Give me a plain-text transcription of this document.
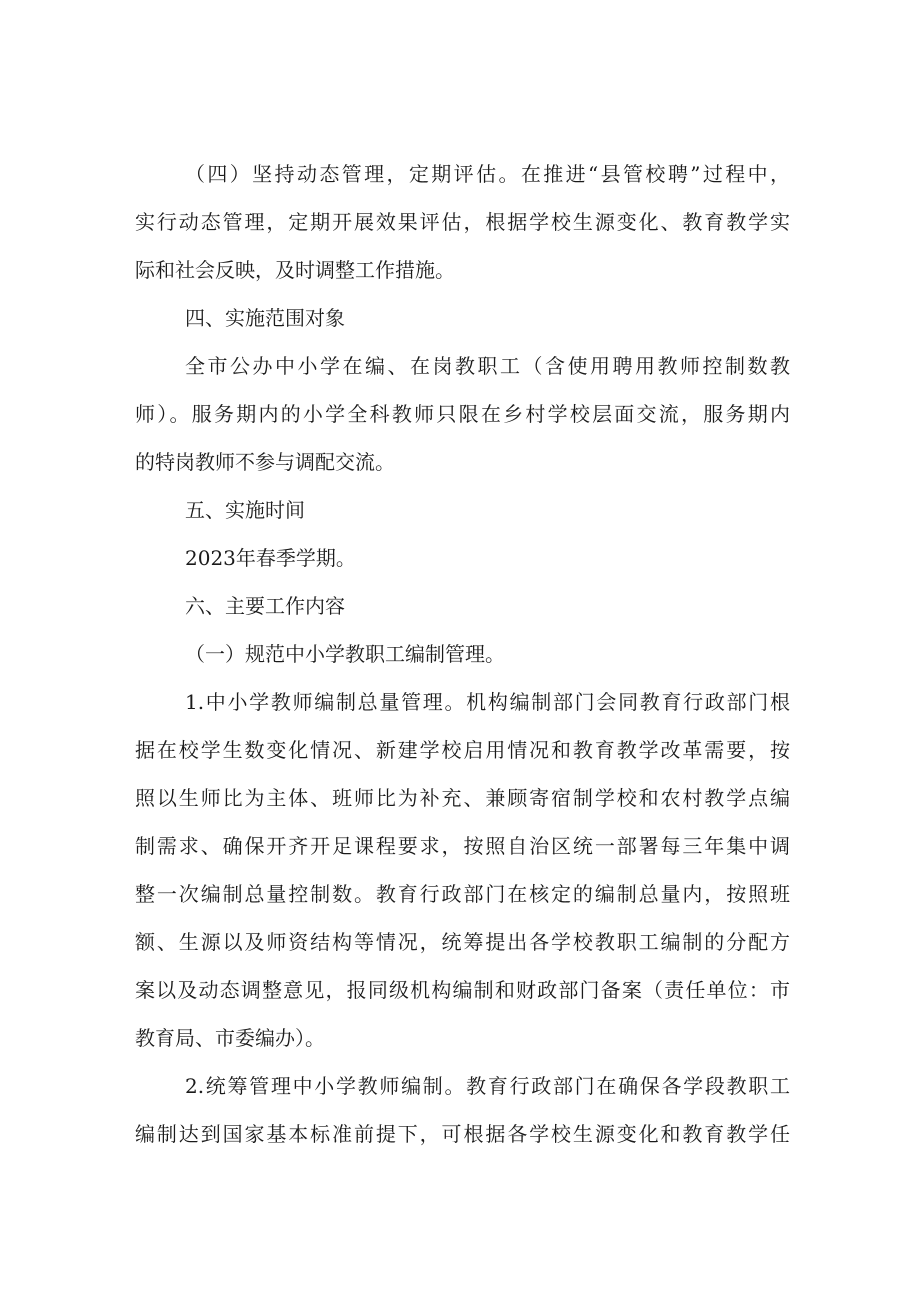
（四）坚持动态管理，定期评估。在推进“县管校聘”过程中，
实行动态管理，定期开展效果评估，根据学校生源变化、教育教学实
际和社会反映，及时调整工作措施。
四、实施范围对象
全市公办中小学在编、在岗教职工（含使用聘用教师控制数教
师）。服务期内的小学全科教师只限在乡村学校层面交流，服务期内
的特岗教师不参与调配交流。
五、实施时间
2023年春季学期。
六、主要工作内容
（一）规范中小学教职工编制管理。
1.中小学教师编制总量管理。机构编制部门会同教育行政部门根
据在校学生数变化情况、新建学校启用情况和教育教学改革需要，按
照以生师比为主体、班师比为补充、兼顾寄宿制学校和农村教学点编
制需求、确保开齐开足课程要求，按照自治区统一部署每三年集中调
整一次编制总量控制数。教育行政部门在核定的编制总量内，按照班
额、生源以及师资结构等情况，统筹提出各学校教职工编制的分配方
案以及动态调整意见，报同级机构编制和财政部门备案（责任单位：市
教育局、市委编办）。
2.统筹管理中小学教师编制。教育行政部门在确保各学段教职工
编制达到国家基本标准前提下，可根据各学校生源变化和教育教学任
